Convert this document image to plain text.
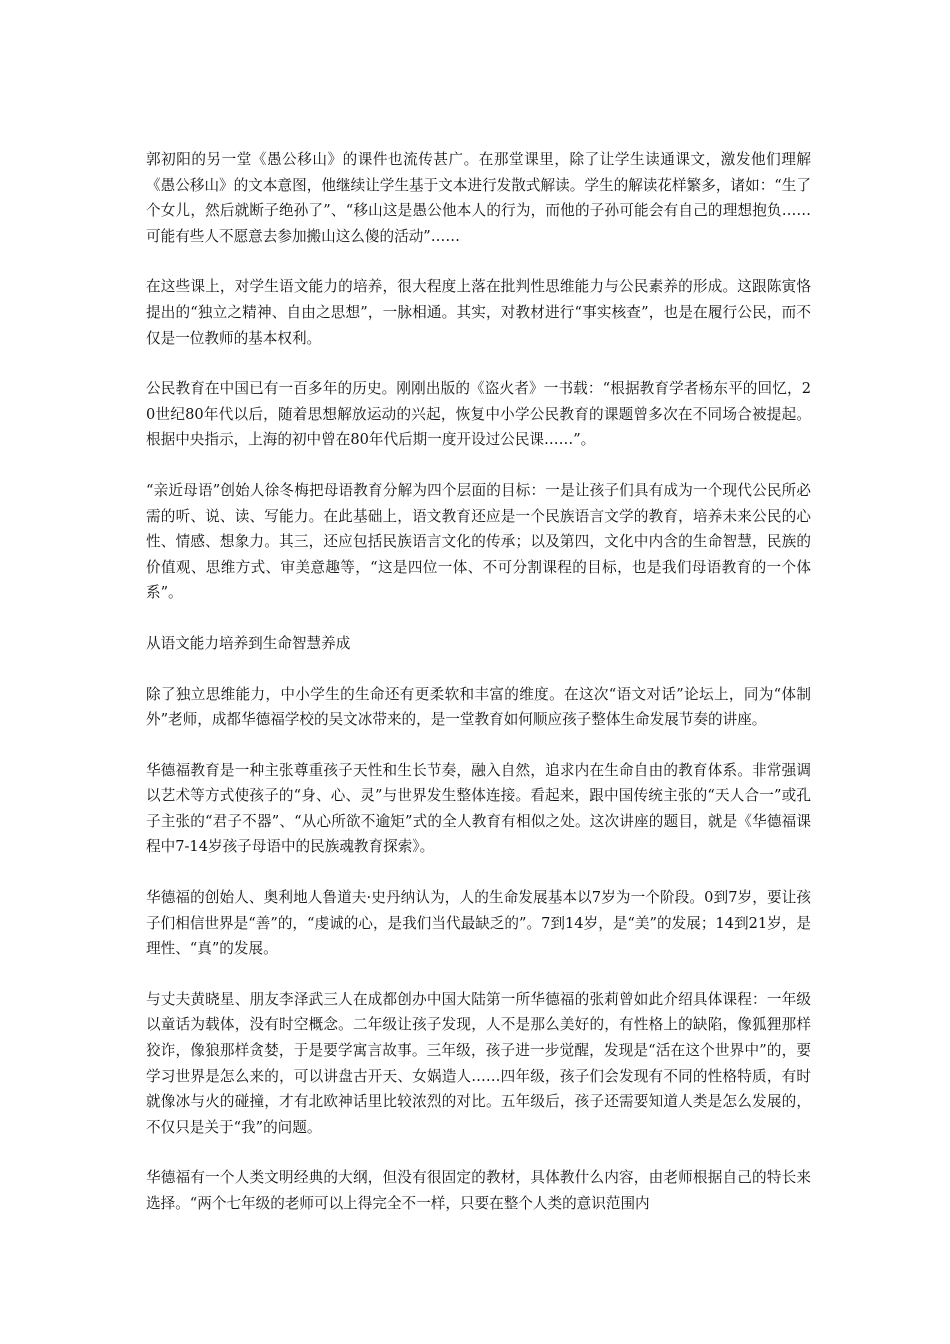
郭初阳的另一堂《愚公移山》的课件也流传甚广。在那堂课里，除了让学生读通课文，激发他们理解《愚公移山》的文本意图，他继续让学生基于文本进行发散式解读。学生的解读花样繁多，诸如：“生了个女儿，然后就断子绝孙了”、“移山这是愚公他本人的行为，而他的子孙可能会有自己的理想抱负……可能有些人不愿意去参加搬山这么傻的活动”……

在这些课上，对学生语文能力的培养，很大程度上落在批判性思维能力与公民素养的形成。这跟陈寅恪提出的“独立之精神、自由之思想”，一脉相通。其实，对教材进行“事实核查”，也是在履行公民，而不仅是一位教师的基本权利。

公民教育在中国已有一百多年的历史。刚刚出版的《盗火者》一书载：“根据教育学者杨东平的回忆，20世纪80年代以后，随着思想解放运动的兴起，恢复中小学公民教育的课题曾多次在不同场合被提起。根据中央指示，上海的初中曾在80年代后期一度开设过公民课……”。

“亲近母语”创始人徐冬梅把母语教育分解为四个层面的目标：一是让孩子们具有成为一个现代公民所必需的听、说、读、写能力。在此基础上，语文教育还应是一个民族语言文学的教育，培养未来公民的心性、情感、想象力。其三，还应包括民族语言文化的传承；以及第四，文化中内含的生命智慧，民族的价值观、思维方式、审美意趣等，“这是四位一体、不可分割课程的目标，也是我们母语教育的一个体系”。

从语文能力培养到生命智慧养成

除了独立思维能力，中小学生的生命还有更柔软和丰富的维度。在这次“语文对话”论坛上，同为“体制外”老师，成都华德福学校的吴文冰带来的，是一堂教育如何顺应孩子整体生命发展节奏的讲座。

华德福教育是一种主张尊重孩子天性和生长节奏，融入自然，追求内在生命自由的教育体系。非常强调以艺术等方式使孩子的“身、心、灵”与世界发生整体连接。看起来，跟中国传统主张的“天人合一”或孔子主张的“君子不器”、“从心所欲不逾矩”式的全人教育有相似之处。这次讲座的题目，就是《华德福课程中7-14岁孩子母语中的民族魂教育探索》。

华德福的创始人、奥利地人鲁道夫·史丹纳认为，人的生命发展基本以7岁为一个阶段。0到7岁，要让孩子们相信世界是“善”的，“虔诚的心，是我们当代最缺乏的”。7到14岁，是“美”的发展；14到21岁，是理性、“真”的发展。

与丈夫黄晓星、朋友李泽武三人在成都创办中国大陆第一所华德福的张莉曾如此介绍具体课程：一年级以童话为载体，没有时空概念。二年级让孩子发现，人不是那么美好的，有性格上的缺陷，像狐狸那样狡诈，像狼那样贪婪，于是要学寓言故事。三年级，孩子进一步觉醒，发现是“活在这个世界中”的，要学习世界是怎么来的，可以讲盘古开天、女娲造人……四年级，孩子们会发现有不同的性格特质，有时就像冰与火的碰撞，才有北欧神话里比较浓烈的对比。五年级后，孩子还需要知道人类是怎么发展的，不仅只是关于“我”的问题。

华德福有一个人类文明经典的大纲，但没有很固定的教材，具体教什么内容，由老师根据自己的特长来选择。“两个七年级的老师可以上得完全不一样，只要在整个人类的意识范围内
